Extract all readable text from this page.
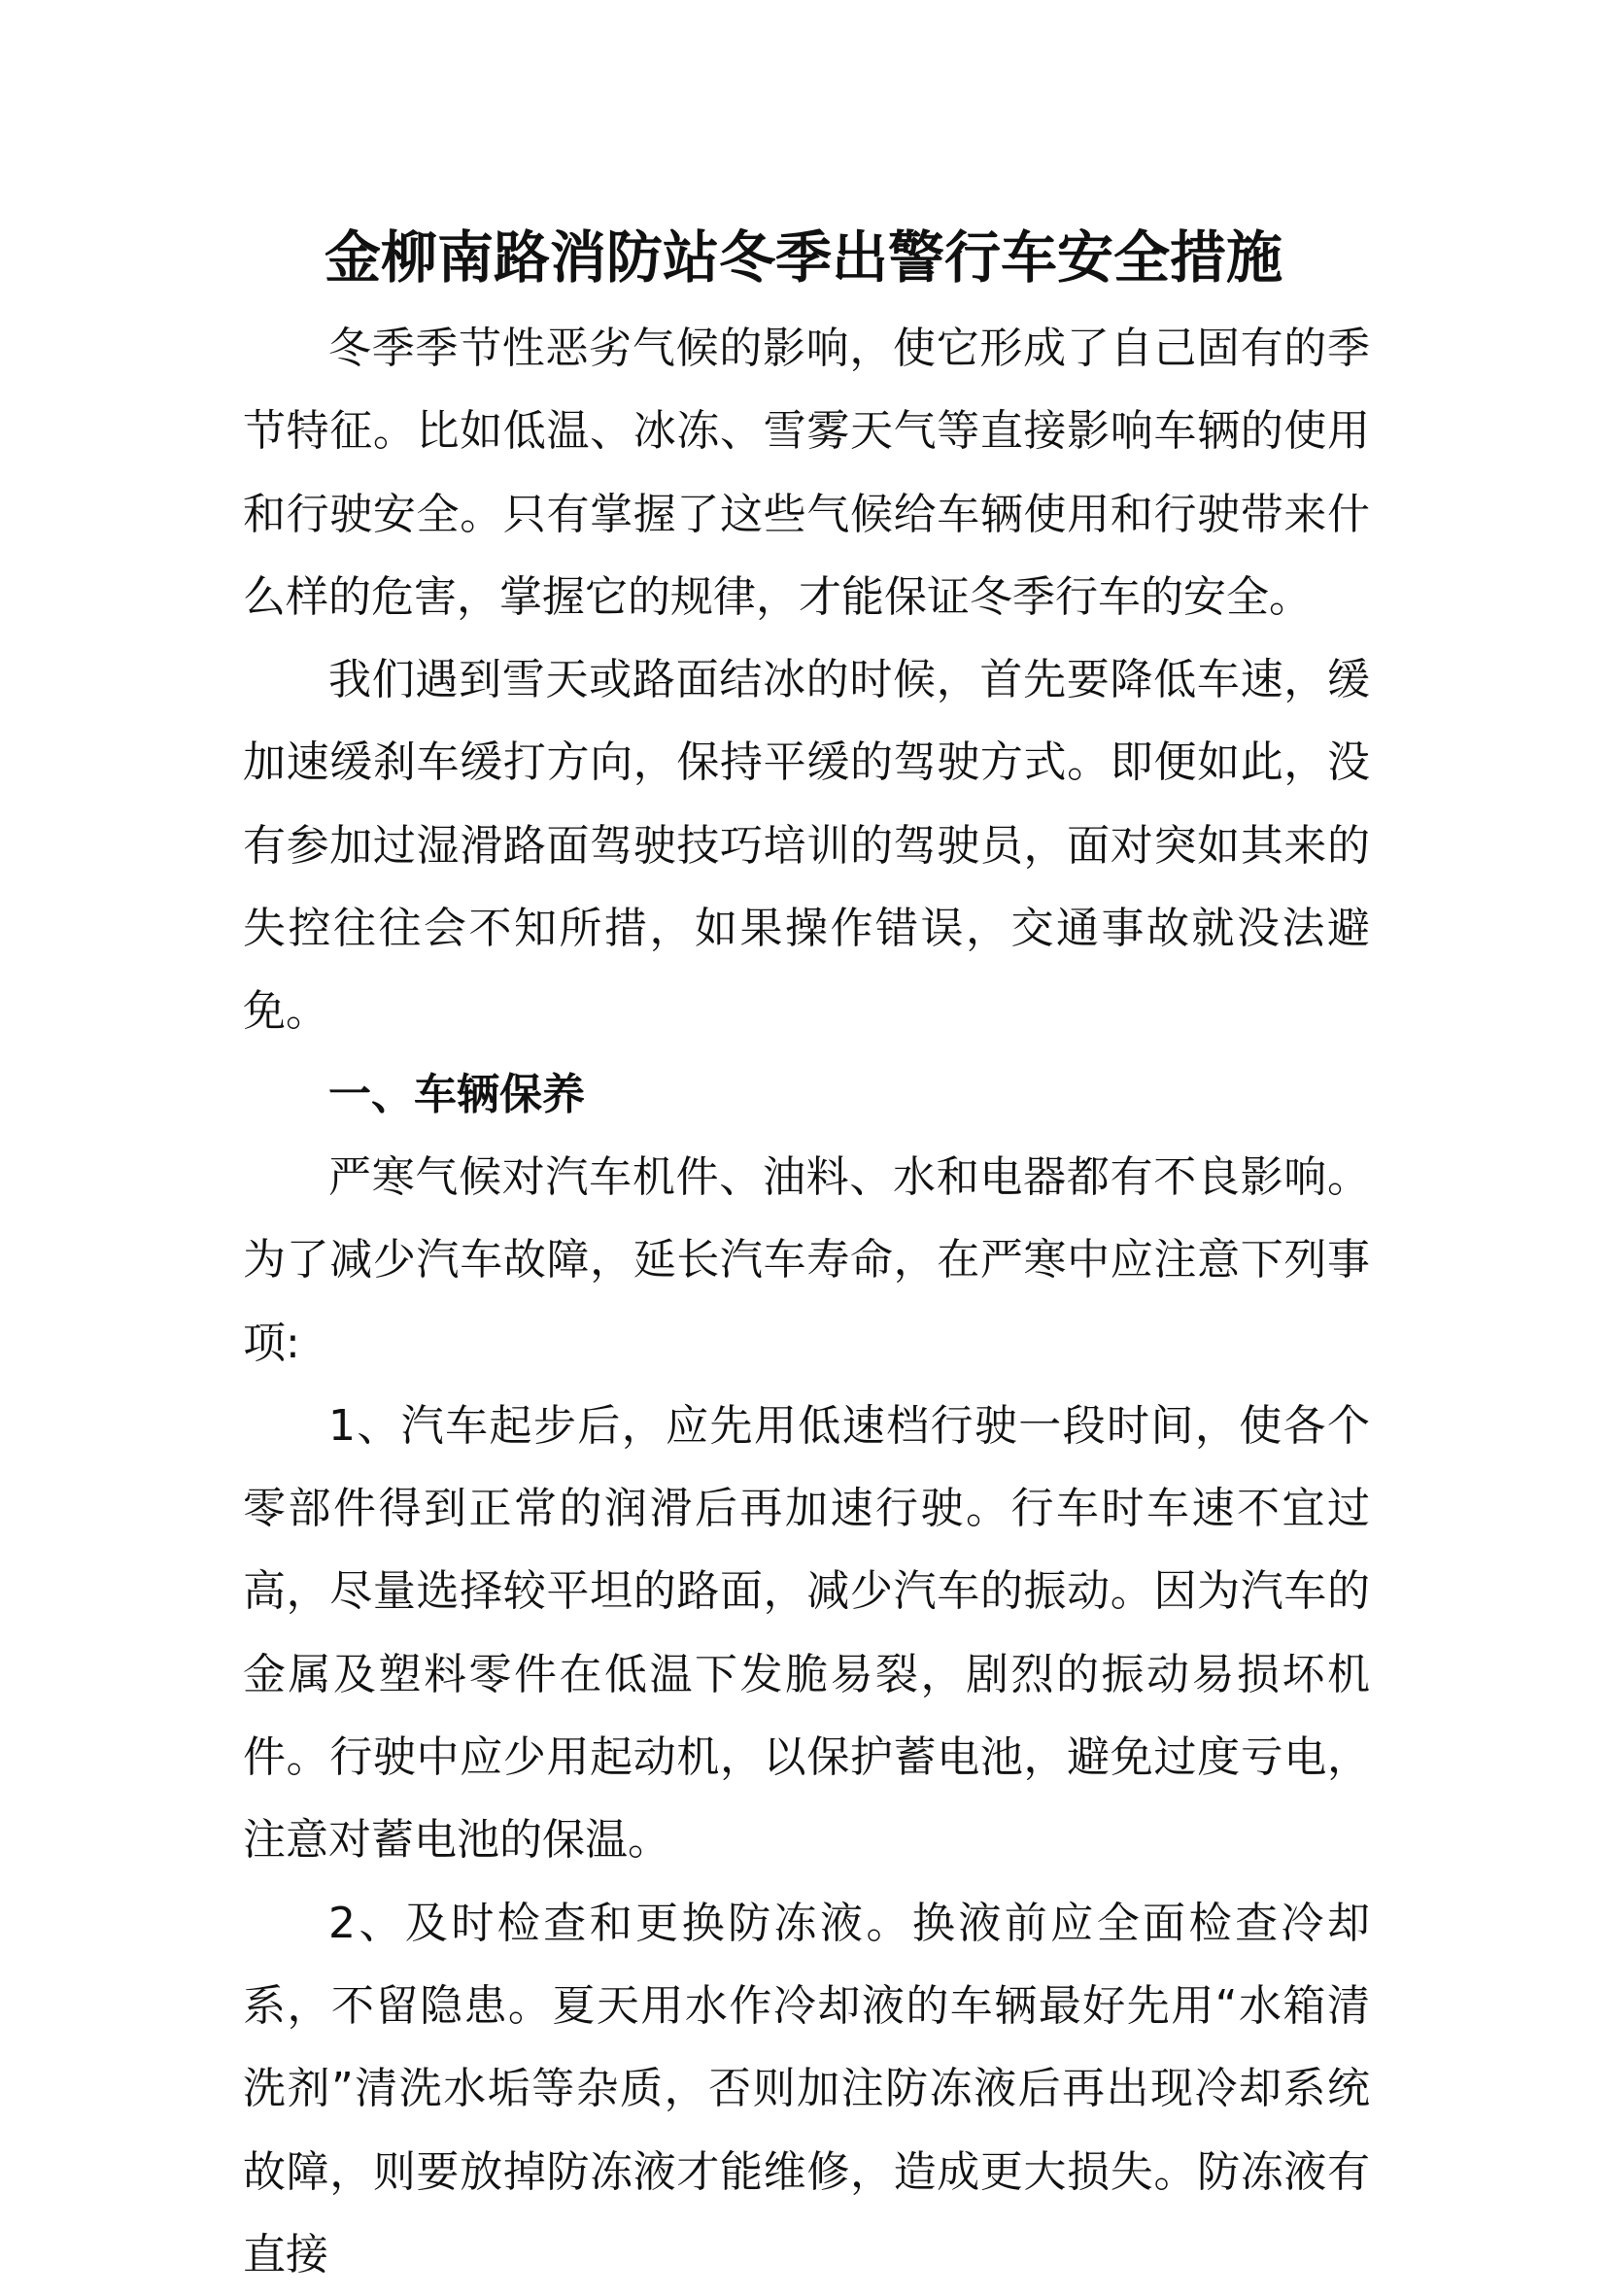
金柳南路消防站冬季出警行车安全措施

冬季季节性恶劣气候的影响，使它形成了自己固有的季节特征。比如低温、冰冻、雪雾天气等直接影响车辆的使用和行驶安全。只有掌握了这些气候给车辆使用和行驶带来什么样的危害，掌握它的规律，才能保证冬季行车的安全。

我们遇到雪天或路面结冰的时候，首先要降低车速，缓加速缓刹车缓打方向，保持平缓的驾驶方式。即便如此，没有参加过湿滑路面驾驶技巧培训的驾驶员，面对突如其来的失控往往会不知所措，如果操作错误，交通事故就没法避免。

一、车辆保养

严寒气候对汽车机件、油料、水和电器都有不良影响。为了减少汽车故障，延长汽车寿命，在严寒中应注意下列事项:

1、汽车起步后，应先用低速档行驶一段时间，使各个零部件得到正常的润滑后再加速行驶。行车时车速不宜过高，尽量选择较平坦的路面，减少汽车的振动。因为汽车的金属及塑料零件在低温下发脆易裂，剧烈的振动易损坏机件。行驶中应少用起动机，以保护蓄电池，避免过度亏电，注意对蓄电池的保温。

2、及时检查和更换防冻液。换液前应全面检查冷却系，不留隐患。夏天用水作冷却液的车辆最好先用“水箱清洗剂”清洗水垢等杂质，否则加注防冻液后再出现冷却系统故障，则要放掉防冻液才能维修，造成更大损失。防冻液有直接
